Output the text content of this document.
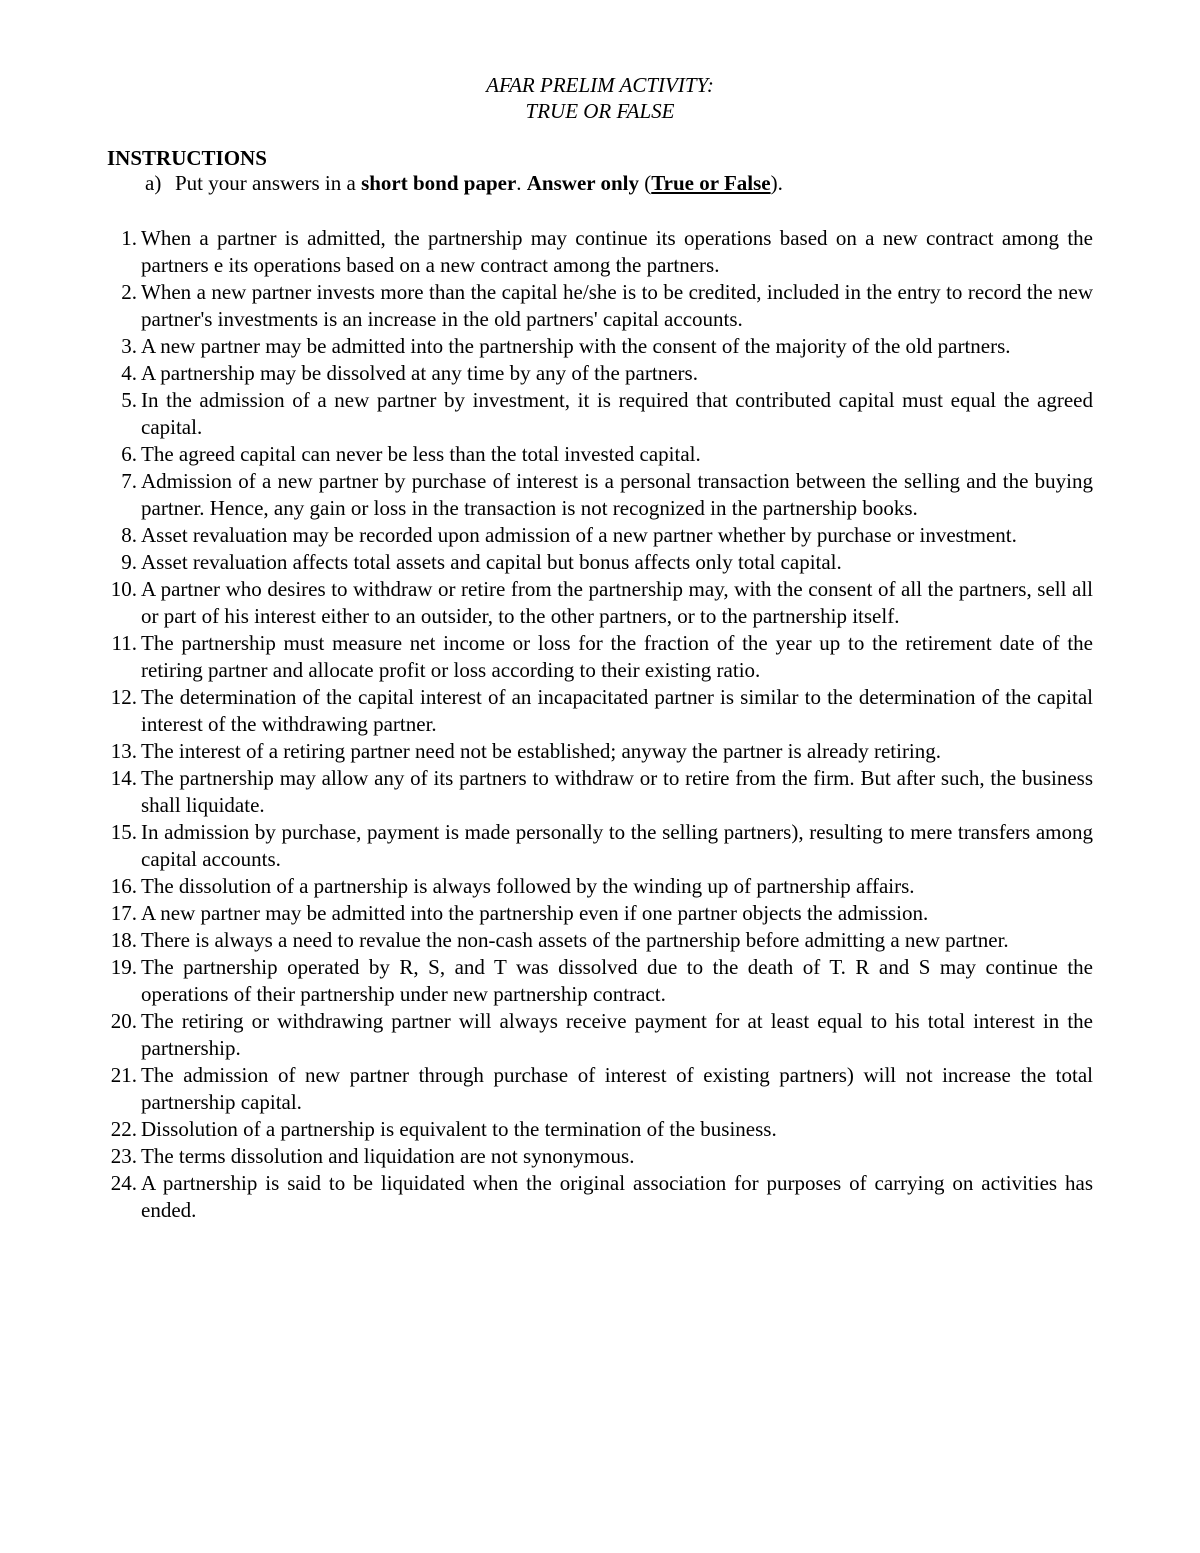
AFAR PRELIM ACTIVITY:
TRUE OR FALSE
INSTRUCTIONS
a) Put your answers in a short bond paper. Answer only (True or False).
1. When a partner is admitted, the partnership may continue its operations based on a new contract among the partners e its operations based on a new contract among the partners.
2. When a new partner invests more than the capital he/she is to be credited, included in the entry to record the new partner's investments is an increase in the old partners' capital accounts.
3. A new partner may be admitted into the partnership with the consent of the majority of the old partners.
4. A partnership may be dissolved at any time by any of the partners.
5. In the admission of a new partner by investment, it is required that contributed capital must equal the agreed capital.
6. The agreed capital can never be less than the total invested capital.
7. Admission of a new partner by purchase of interest is a personal transaction between the selling and the buying partner. Hence, any gain or loss in the transaction is not recognized in the partnership books.
8. Asset revaluation may be recorded upon admission of a new partner whether by purchase or investment.
9. Asset revaluation affects total assets and capital but bonus affects only total capital.
10. A partner who desires to withdraw or retire from the partnership may, with the consent of all the partners, sell all or part of his interest either to an outsider, to the other partners, or to the partnership itself.
11. The partnership must measure net income or loss for the fraction of the year up to the retirement date of the retiring partner and allocate profit or loss according to their existing ratio.
12. The determination of the capital interest of an incapacitated partner is similar to the determination of the capital interest of the withdrawing partner.
13. The interest of a retiring partner need not be established; anyway the partner is already retiring.
14. The partnership may allow any of its partners to withdraw or to retire from the firm. But after such, the business shall liquidate.
15. In admission by purchase, payment is made personally to the selling partners), resulting to mere transfers among capital accounts.
16. The dissolution of a partnership is always followed by the winding up of partnership affairs.
17. A new partner may be admitted into the partnership even if one partner objects the admission.
18. There is always a need to revalue the non-cash assets of the partnership before admitting a new partner.
19. The partnership operated by R, S, and T was dissolved due to the death of T. R and S may continue the operations of their partnership under new partnership contract.
20. The retiring or withdrawing partner will always receive payment for at least equal to his total interest in the partnership.
21. The admission of new partner through purchase of interest of existing partners) will not increase the total partnership capital.
22. Dissolution of a partnership is equivalent to the termination of the business.
23. The terms dissolution and liquidation are not synonymous.
24. A partnership is said to be liquidated when the original association for purposes of carrying on activities has ended.
